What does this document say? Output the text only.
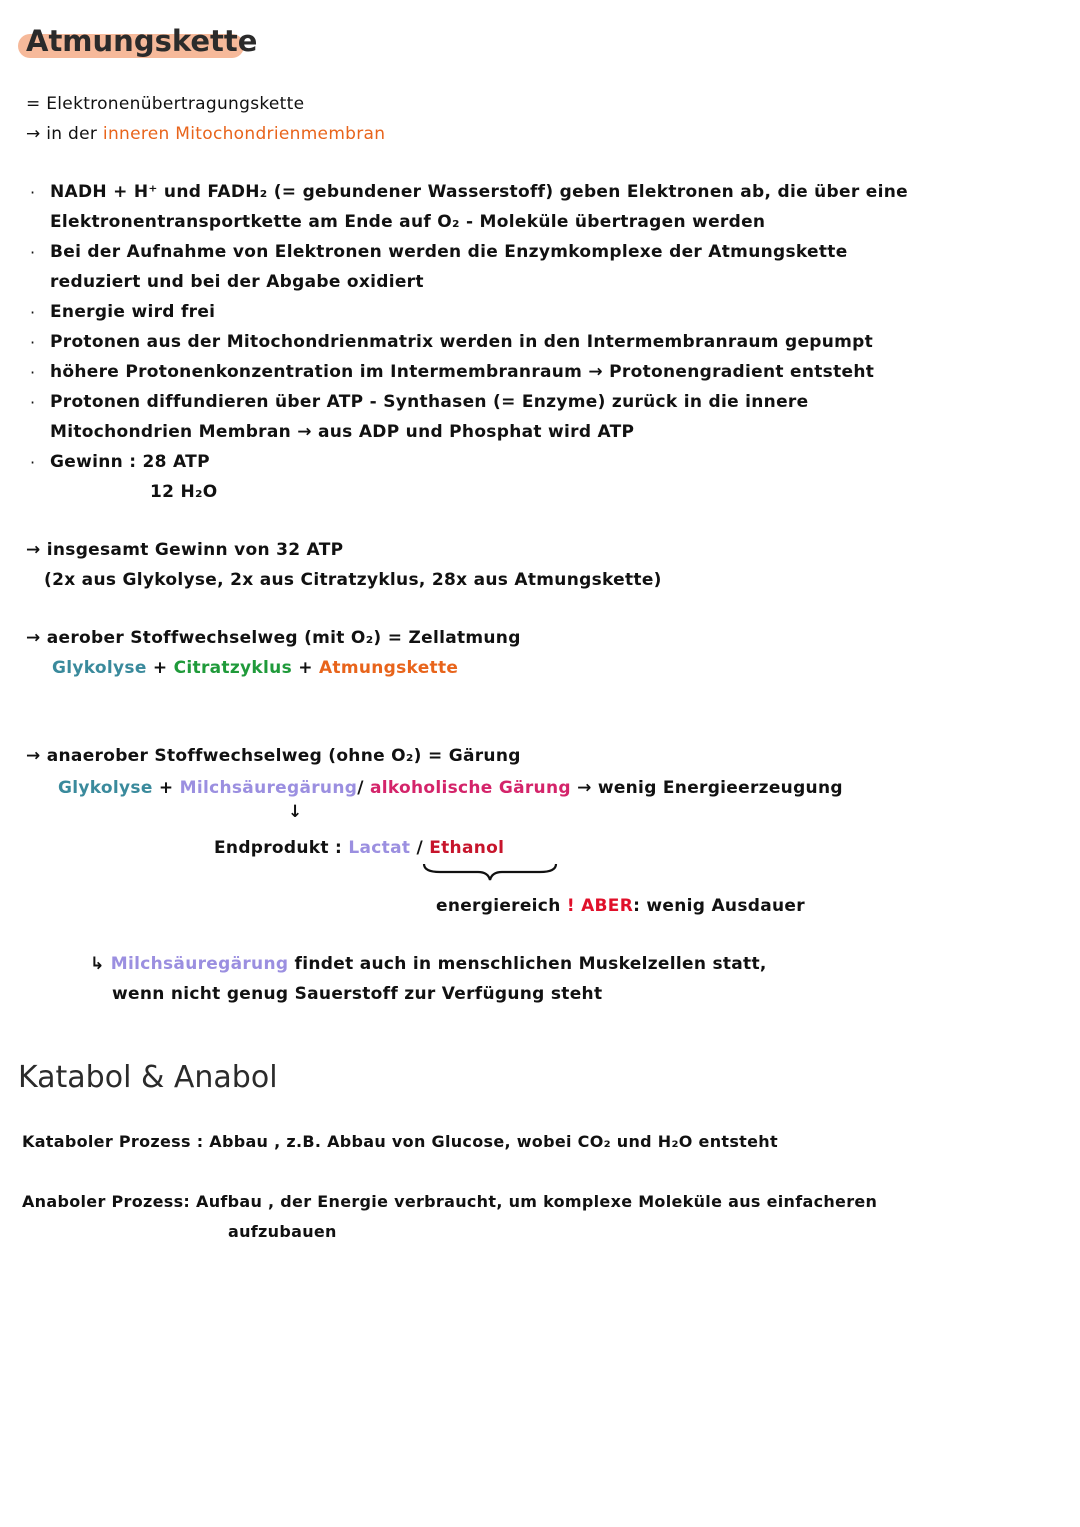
Atmungskette
= Elektronenübertragungskette
→ in der inneren Mitochondrienmembran
· NADH + H⁺ und FADH₂ (= gebundener Wasserstoff) geben Elektronen ab, die über eine
Elektronentransportkette am Ende auf O₂ - Moleküle übertragen werden
· Bei der Aufnahme von Elektronen werden die Enzymkomplexe der Atmungskette
reduziert und bei der Abgabe oxidiert
· Energie wird frei
· Protonen aus der Mitochondrienmatrix werden in den Intermembranraum gepumpt
· höhere Protonenkonzentration im Intermembranraum → Protonengradient entsteht
· Protonen diffundieren über ATP - Synthasen (= Enzyme) zurück in die innere
Mitochondrien Membran → aus ADP und Phosphat wird ATP
· Gewinn : 28 ATP
12 H₂O
→ insgesamt Gewinn von 32 ATP
(2x aus Glykolyse, 2x aus Citratzyklus, 28x aus Atmungskette)
→ aerober Stoffwechselweg (mit O₂) = Zellatmung
Glykolyse + Citratzyklus + Atmungskette
→ anaerober Stoffwechselweg (ohne O₂) = Gärung
Glykolyse + Milchsäuregärung/ alkoholische Gärung → wenig Energieerzeugung
↓
Endprodukt : Lactat / Ethanol
energiereich ! ABER: wenig Ausdauer
↳ Milchsäuregärung findet auch in menschlichen Muskelzellen statt,
wenn nicht genug Sauerstoff zur Verfügung steht
Katabol & Anabol
Kataboler Prozess : Abbau , z.B. Abbau von Glucose, wobei CO₂ und H₂O entsteht
Anaboler Prozess: Aufbau , der Energie verbraucht, um komplexe Moleküle aus einfacheren
aufzubauen
